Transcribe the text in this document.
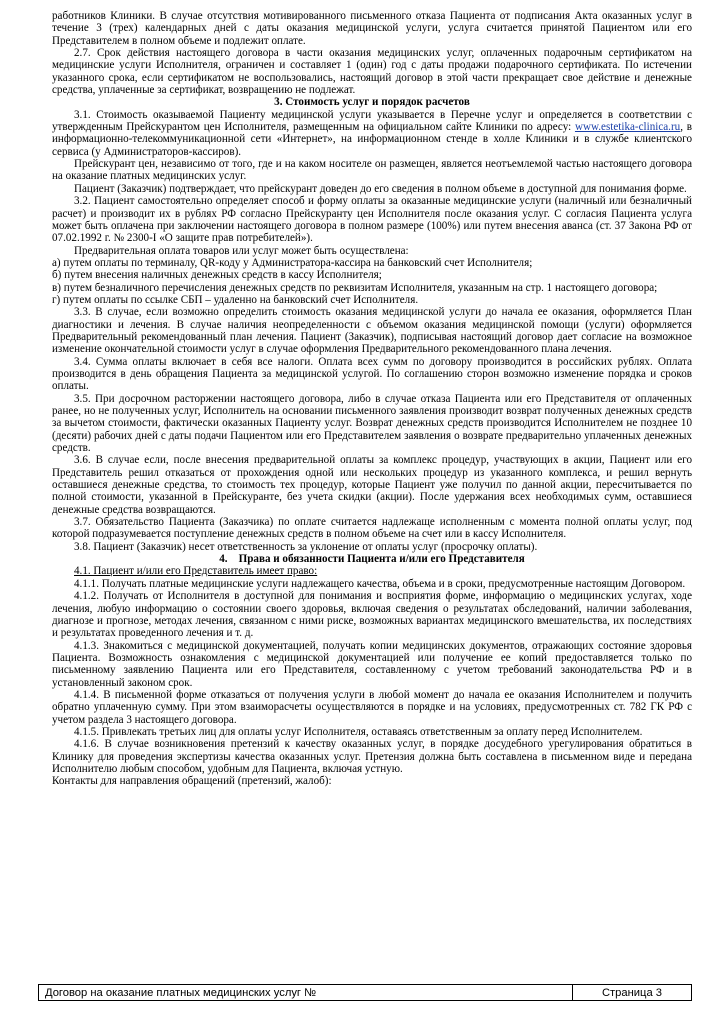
работников Клиники. В случае отсутствия мотивированного письменного отказа Пациента от подписания Акта оказанных услуг в течение 3 (трех) календарных дней с даты оказания медицинской услуги, услуга считается принятой Пациентом или его Представителем в полном объеме и подлежит оплате.

2.7. Срок действия настоящего договора в части оказания медицинских услуг, оплаченных подарочным сертификатом на медицинские услуги Исполнителя, ограничен и составляет 1 (один) год с даты продажи подарочного сертификата. По истечении указанного срока, если сертификатом не воспользовались, настоящий договор в этой части прекращает свое действие и денежные средства, уплаченные за сертификат, возвращению не подлежат.

3. Стоимость услуг и порядок расчетов

3.1. Стоимость оказываемой Пациенту медицинской услуги указывается в Перечне услуг и определяется в соответствии с утвержденным Прейскурантом цен Исполнителя, размещенным на официальном сайте Клиники по адресу: www.estetika-clinica.ru, в информационно-телекоммуникационной сети «Интернет», на информационном стенде в холле Клиники и в службе клиентского сервиса (у Администраторов-кассиров).

Прейскурант цен, независимо от того, где и на каком носителе он размещен, является неотъемлемой частью настоящего договора на оказание платных медицинских услуг.

Пациент (Заказчик) подтверждает, что прейскурант доведен до его сведения в полном объеме в доступной для понимания форме.

3.2. Пациент самостоятельно определяет способ и форму оплаты за оказанные медицинские услуги (наличный или безналичный расчет) и производит их в рублях РФ согласно Прейскуранту цен Исполнителя после оказания услуг. С согласия Пациента услуга может быть оплачена при заключении настоящего договора в полном размере (100%) или путем внесения аванса (ст. 37 Закона РФ от 07.02.1992 г. № 2300-I «О защите прав потребителей»).

Предварительная оплата товаров или услуг может быть осуществлена:

а) путем оплаты по терминалу, QR-коду у Администратора-кассира на банковский счет Исполнителя;

б) путем внесения наличных денежных средств в кассу Исполнителя;

в) путем безналичного перечисления денежных средств по реквизитам Исполнителя, указанным на стр. 1 настоящего договора;

г) путем оплаты по ссылке СБП – удаленно на банковский счет Исполнителя.

3.3. В случае, если возможно определить стоимость оказания медицинской услуги до начала ее оказания, оформляется План диагностики и лечения. В случае наличия неопределенности с объемом оказания медицинской помощи (услуги) оформляется Предварительный рекомендованный план лечения. Пациент (Заказчик), подписывая настоящий договор дает согласие на возможное изменение окончательной стоимости услуг в случае оформления Предварительного рекомендованного плана лечения.

3.4. Сумма оплаты включает в себя все налоги. Оплата всех сумм по договору производится в российских рублях. Оплата производится в день обращения Пациента за медицинской услугой. По соглашению сторон возможно изменение порядка и сроков оплаты.

3.5. При досрочном расторжении настоящего договора, либо в случае отказа Пациента или его Представителя от оплаченных ранее, но не полученных услуг, Исполнитель на основании письменного заявления производит возврат полученных денежных средств за вычетом стоимости, фактически оказанных Пациенту услуг. Возврат денежных средств производится Исполнителем не позднее 10 (десяти) рабочих дней с даты подачи Пациентом или его Представителем заявления о возврате предварительно уплаченных денежных средств.

3.6. В случае если, после внесения предварительной оплаты за комплекс процедур, участвующих в акции, Пациент или его Представитель решил отказаться от прохождения одной или нескольких процедур из указанного комплекса, и решил вернуть оставшиеся денежные средства, то стоимость тех процедур, которые Пациент уже получил по данной акции, пересчитывается по полной стоимости, указанной в Прейскуранте, без учета скидки (акции). После удержания всех необходимых сумм, оставшиеся денежные средства возвращаются.

3.7. Обязательство Пациента (Заказчика) по оплате считается надлежаще исполненным с момента полной оплаты услуг, под которой подразумевается поступление денежных средств в полном объеме на счет или в кассу Исполнителя.

3.8. Пациент (Заказчик) несет ответственность за уклонение от оплаты услуг (просрочку оплаты).

4.    Права и обязанности Пациента и/или его Представителя

4.1. Пациент и/или его Представитель имеет право:

4.1.1. Получать платные медицинские услуги надлежащего качества, объема и в сроки, предусмотренные настоящим Договором.

4.1.2. Получать от Исполнителя в доступной для понимания и восприятия форме, информацию о медицинских услугах, ходе лечения, любую информацию о состоянии своего здоровья, включая сведения о результатах обследований, наличии заболевания, диагнозе и прогнозе, методах лечения, связанном с ними риске, возможных вариантах медицинского вмешательства, их последствиях и результатах проведенного лечения и т. д.

4.1.3. Знакомиться с медицинской документацией, получать копии медицинских документов, отражающих состояние здоровья Пациента. Возможность ознакомления с медицинской документацией или получение ее копий предоставляется только по письменному заявлению Пациента или его Представителя, составленному с учетом требований законодательства РФ и в установленный законом срок.

4.1.4. В письменной форме отказаться от получения услуги в любой момент до начала ее оказания Исполнителем и получить обратно уплаченную сумму. При этом взаиморасчеты осуществляются в порядке и на условиях, предусмотренных ст. 782 ГК РФ с учетом раздела 3 настоящего договора.

4.1.5. Привлекать третьих лиц для оплаты услуг Исполнителя, оставаясь ответственным за оплату перед Исполнителем.

4.1.6. В случае возникновения претензий к качеству оказанных услуг, в порядке досудебного урегулирования обратиться в Клинику для проведения экспертизы качества оказанных услуг. Претензия должна быть составлена в письменном виде и передана Исполнителю любым способом, удобным для Пациента, включая устную.

Контакты для направления обращений (претензий, жалоб):

Договор на оказание платных медицинских услуг №	Страница 3
